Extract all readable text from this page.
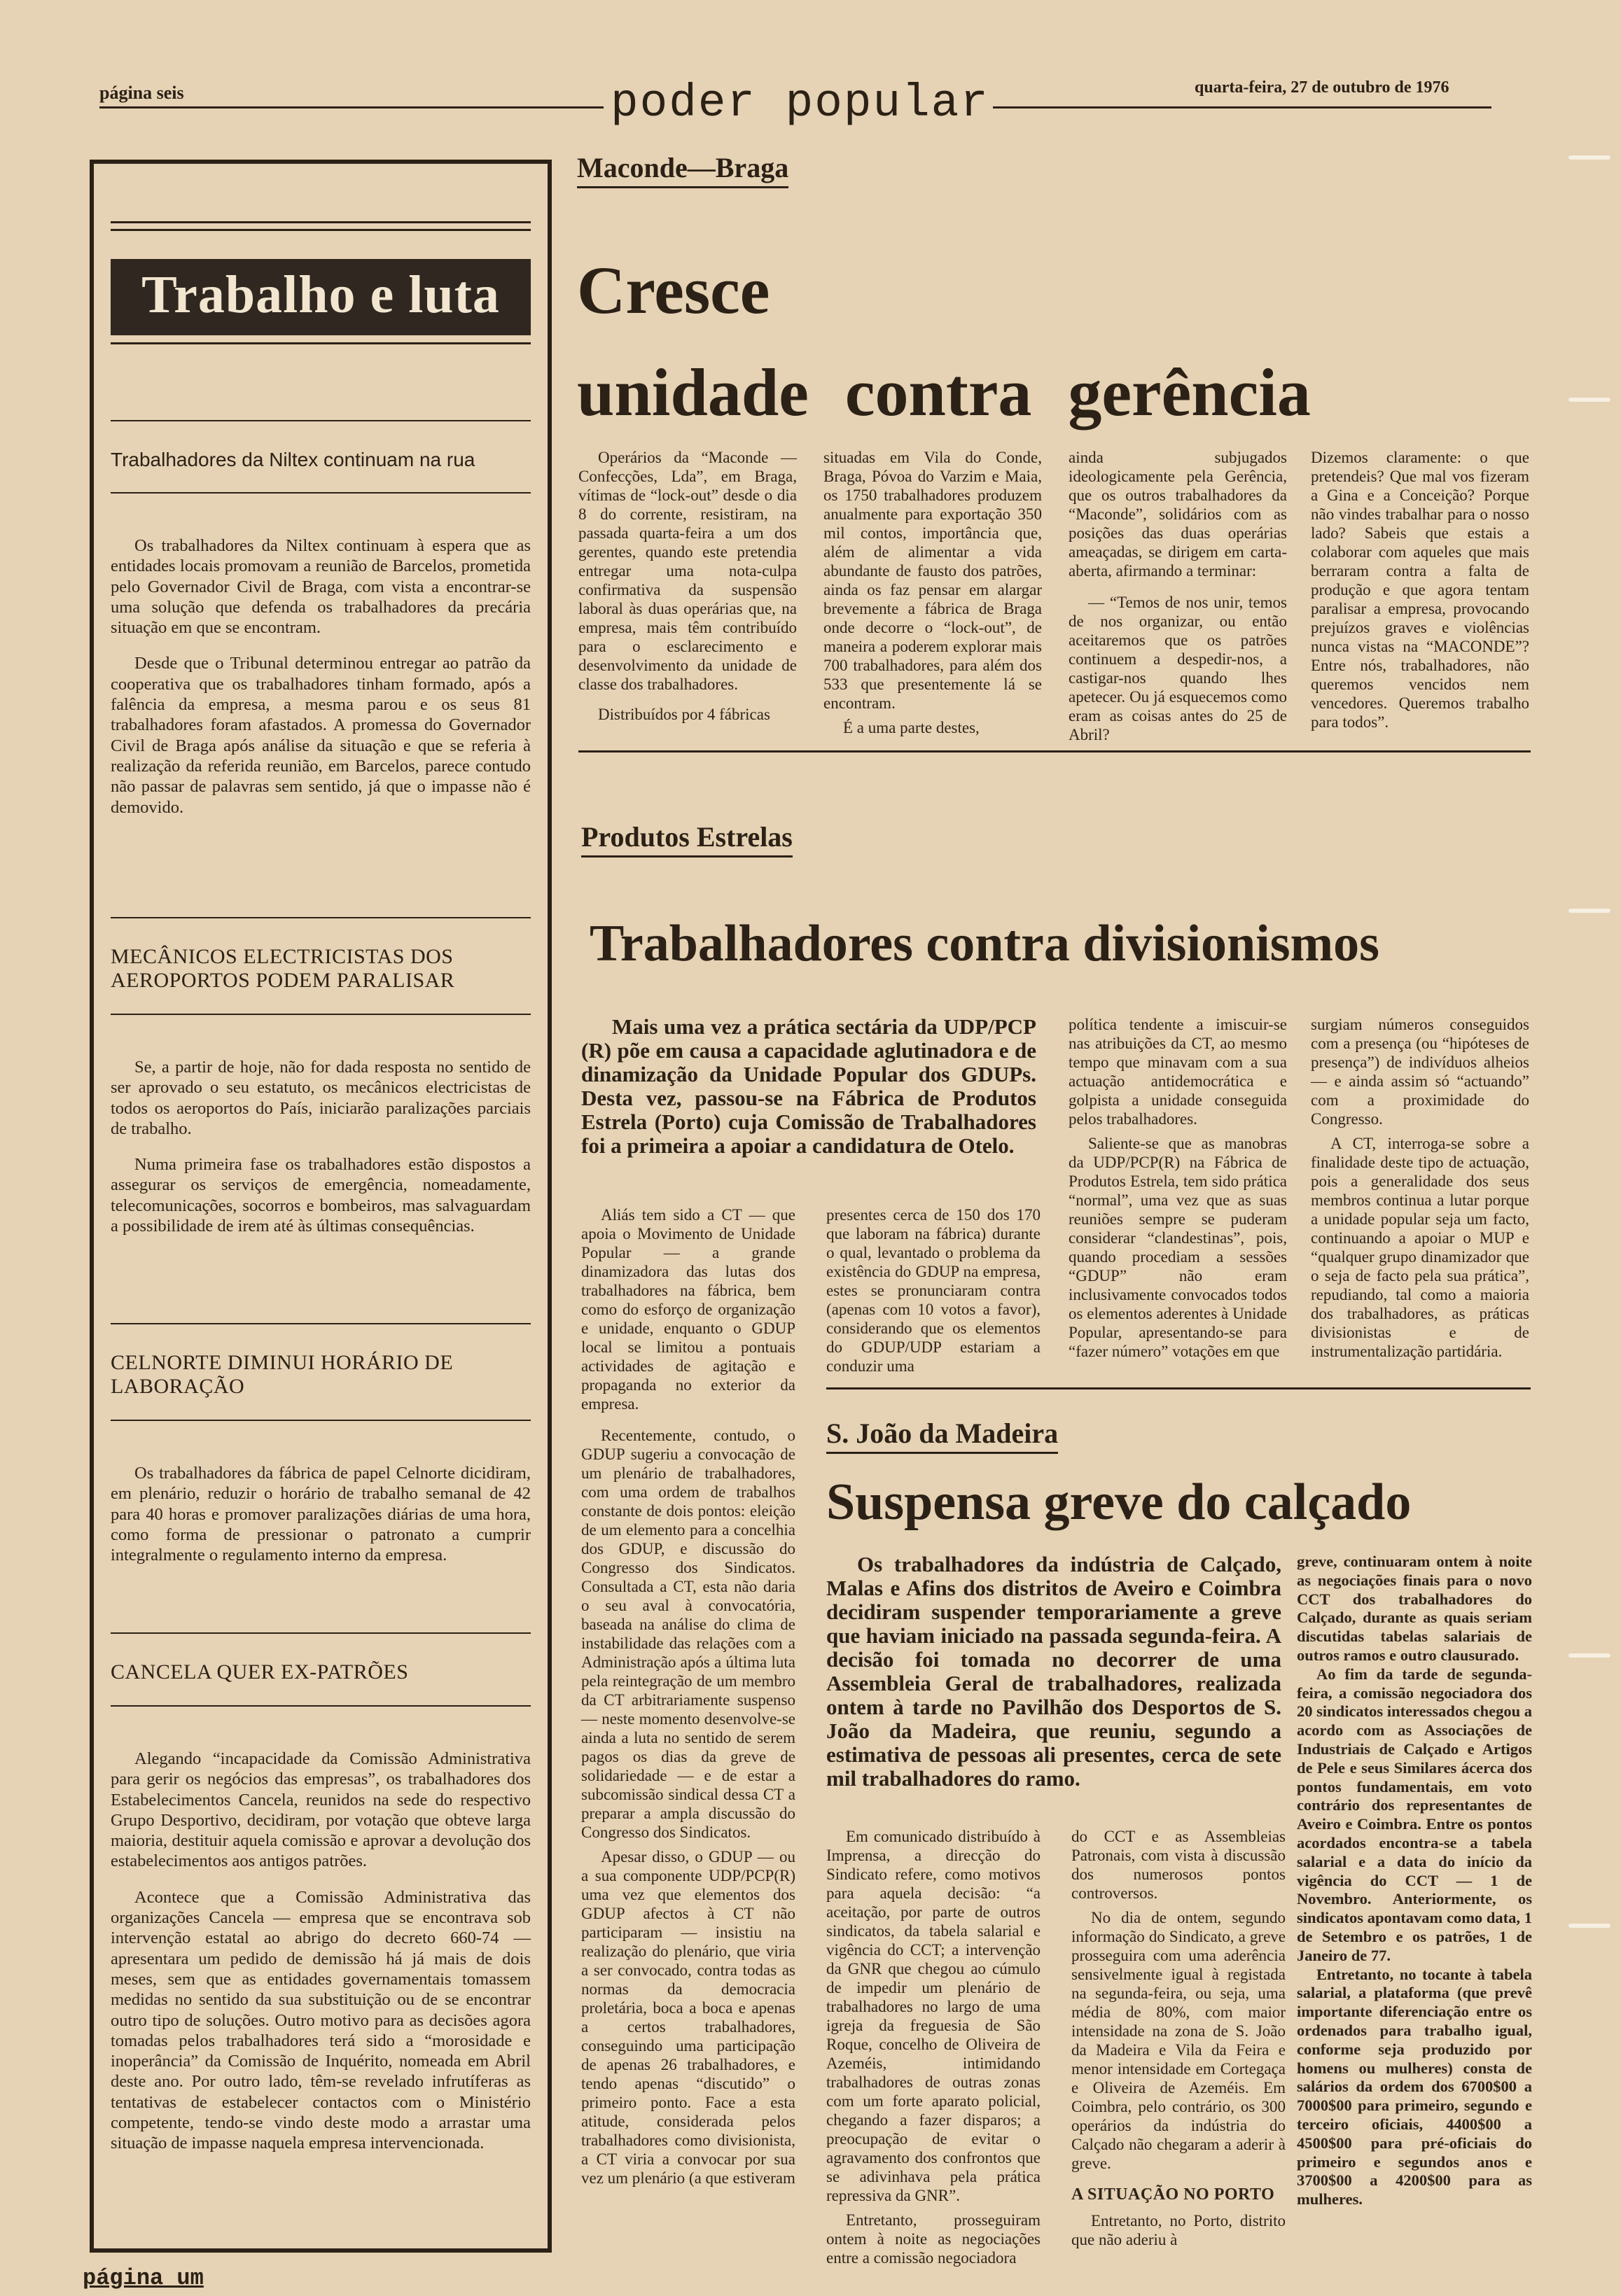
página seis	poder popular	quarta-feira, 27 de outubro de 1976
Trabalho e luta
Trabalhadores da Niltex continuam na rua

Os trabalhadores da Niltex continuam à espera que as entidades locais promovam a reunião de Barcelos, prometida pelo Governador Civil de Braga, com vista a encontrar-se uma solução que defenda os trabalhadores da precária situação em que se encontram.

Desde que o Tribunal determinou entregar ao patrão da cooperativa que os trabalhadores tinham formado, após a falência da empresa, a mesma parou e os seus 81 trabalhadores foram afastados. A promessa do Governador Civil de Braga após análise da situação e que se referia à realização da referida reunião, em Barcelos, parece contudo não passar de palavras sem sentido, já que o impasse não é demovido.

MECÂNICOS ELECTRICISTAS DOS AEROPORTOS PODEM PARALISAR

Se, a partir de hoje, não for dada resposta no sentido de ser aprovado o seu estatuto, os mecânicos electricistas de todos os aeroportos do País, iniciarão paralizações parciais de trabalho.

Numa primeira fase os trabalhadores estão dispostos a assegurar os serviços de emergência, nomeadamente, telecomunicações, socorros e bombeiros, mas salvaguardam a possibilidade de irem até às últimas consequências.

CELNORTE DIMINUI HORÁRIO DE LABORAÇÃO

Os trabalhadores da fábrica de papel Celnorte dicidiram, em plenário, reduzir o horário de trabalho semanal de 42 para 40 horas e promover paralizações diárias de uma hora, como forma de pressionar o patronato a cumprir integralmente o regulamento interno da empresa.

CANCELA QUER EX-PATRÕES

Alegando “incapacidade da Comissão Administrativa para gerir os negócios das empresas”, os trabalhadores dos Estabelecimentos Cancela, reunidos na sede do respectivo Grupo Desportivo, decidiram, por votação que obteve larga maioria, destituir aquela comissão e aprovar a devolução dos estabelecimentos aos antigos patrões.

Acontece que a Comissão Administrativa das organizações Cancela — empresa que se encontrava sob intervenção estatal ao abrigo do decreto 660-74 — apresentara um pedido de demissão há já mais de dois meses, sem que as entidades governamentais tomassem medidas no sentido da sua substituição ou de se encontrar outro tipo de soluções. Outro motivo para as decisões agora tomadas pelos trabalhadores terá sido a “morosidade e inoperância” da Comissão de Inquérito, nomeada em Abril deste ano. Por outro lado, têm-se revelado infrutíferas as tentativas de estabelecer contactos com o Ministério competente, tendo-se vindo deste modo a arrastar uma situação de impasse naquela empresa intervencionada.

Maconde—Braga
Cresce
unidade contra gerência

Operários da “Maconde — Confecções, Lda”, em Braga, vítimas de “lock-out” desde o dia 8 do corrente, resistiram, na passada quarta-feira a um dos gerentes, quando este pretendia entregar uma nota-culpa confirmativa da suspensão laboral às duas operárias que, na empresa, mais têm contribuído para o esclarecimento e desenvolvimento da unidade de classe dos trabalhadores.

Distribuídos por 4 fábricas

situadas em Vila do Conde, Braga, Póvoa do Varzim e Maia, os 1750 trabalhadores produzem anualmente para exportação 350 mil contos, importância que, além de alimentar a vida abundante de fausto dos patrões, ainda os faz pensar em alargar brevemente a fábrica de Braga onde decorre o “lock-out”, de maneira a poderem explorar mais 700 trabalhadores, para além dos 533 que presentemente lá se encontram.

É a uma parte destes,

ainda subjugados ideologicamente pela Gerência, que os outros trabalhadores da “Maconde”, solidários com as posições das duas operárias ameaçadas, se dirigem em carta-aberta, afirmando a terminar:

— “Temos de nos unir, temos de nos organizar, ou então aceitaremos que os patrões continuem a despedir-nos, a castigar-nos quando lhes apetecer. Ou já esquecemos como eram as coisas antes do 25 de Abril?

Dizemos claramente: o que pretendeis? Que mal vos fizeram a Gina e a Conceição? Porque não vindes trabalhar para o nosso lado? Sabeis que estais a colaborar com aqueles que mais berraram contra a falta de produção e que agora tentam paralisar a empresa, provocando prejuízos graves e violências nunca vistas na “MACONDE”? Entre nós, trabalhadores, não queremos vencidos nem vencedores. Queremos trabalho para todos”.

Produtos Estrelas
Trabalhadores contra divisionismos
Mais uma vez a prática sectária da UDP/PCP (R) põe em causa a capacidade aglutinadora e de dinamização da Unidade Popular dos GDUPs. Desta vez, passou-se na Fábrica de Produtos Estrela (Porto) cuja Comissão de Trabalhadores foi a primeira a apoiar a candidatura de Otelo.

Aliás tem sido a CT — que apoia o Movimento de Unidade Popular — a grande dinamizadora das lutas dos trabalhadores na fábrica, bem como do esforço de organização e unidade, enquanto o GDUP local se limitou a pontuais actividades de agitação e propaganda no exterior da empresa.

Recentemente, contudo, o GDUP sugeriu a convocação de um plenário de trabalhadores, com uma ordem de trabalhos constante de dois pontos: eleição de um elemento para a concelhia dos GDUP, e discussão do Congresso dos Sindicatos. Consultada a CT, esta não daria o seu aval à convocatória, baseada na análise do clima de instabilidade das relações com a Administração após a última luta pela reintegração de um membro da CT arbitrariamente suspenso — neste momento desenvolve-se ainda a luta no sentido de serem pagos os dias da greve de solidariedade — e de estar a subcomissão sindical dessa CT a preparar a ampla discussão do Congresso dos Sindicatos.

Apesar disso, o GDUP — ou a sua componente UDP/PCP(R) uma vez que elementos dos GDUP afectos à CT não participaram — insistiu na realização do plenário, que viria a ser convocado, contra todas as normas da democracia proletária, boca a boca e apenas a certos trabalhadores, conseguindo uma participação de apenas 26 trabalhadores, e tendo apenas “discutido” o primeiro ponto. Face a esta atitude, considerada pelos trabalhadores como divisionista, a CT viria a convocar por sua vez um plenário (a que estiveram

presentes cerca de 150 dos 170 que laboram na fábrica) durante o qual, levantado o problema da existência do GDUP na empresa, estes se pronunciaram contra (apenas com 10 votos a favor), considerando que os elementos do GDUP/UDP estariam a conduzir uma

política tendente a imiscuir-se nas atribuições da CT, ao mesmo tempo que minavam com a sua actuação antidemocrática e golpista a unidade conseguida pelos trabalhadores.

Saliente-se que as manobras da UDP/PCP(R) na Fábrica de Produtos Estrela, tem sido prática “normal”, uma vez que as suas reuniões sempre se puderam considerar “clandestinas”, pois, quando procediam a sessões “GDUP” não eram inclusivamente convocados todos os elementos aderentes à Unidade Popular, apresentando-se para “fazer número” votações em que

surgiam números conseguidos com a presença (ou “hipóteses de presença”) de indivíduos alheios — e ainda assim só “actuando” com a proximidade do Congresso.

A CT, interroga-se sobre a finalidade deste tipo de actuação, pois a generalidade dos seus membros continua a lutar porque a unidade popular seja um facto, continuando a apoiar o MUP e “qualquer grupo dinamizador que o seja de facto pela sua prática”, repudiando, tal como a maioria dos trabalhadores, as práticas divisionistas e de instrumentalização partidária.

S. João da Madeira
Suspensa greve do calçado
Os trabalhadores da indústria de Calçado, Malas e Afins dos distritos de Aveiro e Coimbra decidiram suspender temporariamente a greve que haviam iniciado na passada segunda-feira. A decisão foi tomada no decorrer de uma Assembleia Geral de trabalhadores, realizada ontem à tarde no Pavilhão dos Desportos de S. João da Madeira, que reuniu, segundo a estimativa de pessoas ali presentes, cerca de sete mil trabalhadores do ramo.

Em comunicado distribuído à Imprensa, a direcção do Sindicato refere, como motivos para aquela decisão: “a aceitação, por parte de outros sindicatos, da tabela salarial e vigência do CCT; a intervenção da GNR que chegou ao cúmulo de impedir um plenário de trabalhadores no largo de uma igreja da freguesia de São Roque, concelho de Oliveira de Azeméis, intimidando trabalhadores de outras zonas com um forte aparato policial, chegando a fazer disparos; a preocupação de evitar o agravamento dos confrontos que se adivinhava pela prática repressiva da GNR”.

Entretanto, prosseguiram ontem à noite as negociações entre a comissão negociadora

do CCT e as Assembleias Patronais, com vista à discussão dos numerosos pontos controversos.

No dia de ontem, segundo informação do Sindicato, a greve prosseguira com uma aderência sensivelmente igual à registada na segunda-feira, ou seja, uma média de 80%, com maior intensidade na zona de S. João da Madeira e Vila da Feira e menor intensidade em Cortegaça e Oliveira de Azeméis. Em Coimbra, pelo contrário, os 300 operários da indústria do Calçado não chegaram a aderir à greve.

A SITUAÇÃO NO PORTO

Entretanto, no Porto, distrito que não aderiu à

greve, continuaram ontem à noite as negociações finais para o novo CCT dos trabalhadores do Calçado, durante as quais seriam discutidas tabelas salariais de outros ramos e outro clausurado.

Ao fim da tarde de segunda-feira, a comissão negociadora dos 20 sindicatos interessados chegou a acordo com as Associações de Industriais de Calçado e Artigos de Pele e seus Similares ácerca dos pontos fundamentais, em voto contrário dos representantes de Aveiro e Coimbra. Entre os pontos acordados encontra-se a tabela salarial e a data do início da vigência do CCT — 1 de Novembro. Anteriormente, os sindicatos apontavam como data, 1 de Setembro e os patrões, 1 de Janeiro de 77.

Entretanto, no tocante à tabela salarial, a plataforma (que prevê importante diferenciação entre os ordenados para trabalho igual, conforme seja produzido por homens ou mulheres) consta de salários da ordem dos 6700$00 a 7000$00 para primeiro, segundo e terceiro oficiais, 4400$00 a 4500$00 para pré-oficiais do primeiro e segundos anos e 3700$00 a 4200$00 para as mulheres.

página um
